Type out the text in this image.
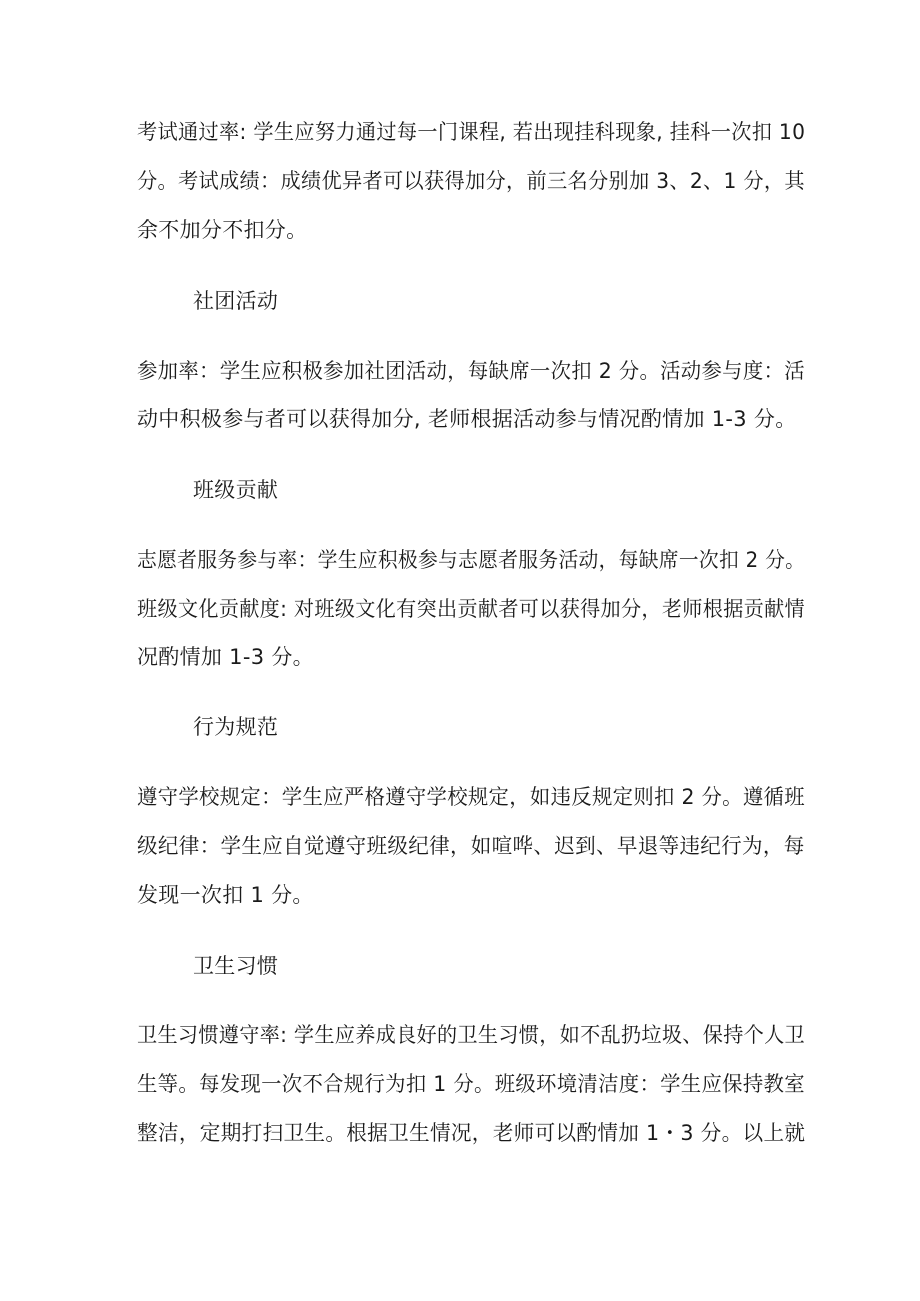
考试通过率: 学生应努力通过每一门课程, 若出现挂科现象, 挂科一次扣 10
分。考试成绩：成绩优异者可以获得加分，前三名分别加 3、2、1 分，其
余不加分不扣分。
社团活动
参加率：学生应积极参加社团活动，每缺席一次扣 2 分。活动参与度：活
动中积极参与者可以获得加分, 老师根据活动参与情况酌情加 1-3 分。
班级贡献
志愿者服务参与率：学生应积极参与志愿者服务活动，每缺席一次扣 2 分。
班级文化贡献度: 对班级文化有突出贡献者可以获得加分，老师根据贡献情
况酌情加 1-3 分。
行为规范
遵守学校规定：学生应严格遵守学校规定，如违反规定则扣 2 分。遵循班
级纪律：学生应自觉遵守班级纪律，如喧哗、迟到、早退等违纪行为，每
发现一次扣 1 分。
卫生习惯
卫生习惯遵守率: 学生应养成良好的卫生习惯，如不乱扔垃圾、保持个人卫
生等。每发现一次不合规行为扣 1 分。班级环境清洁度：学生应保持教室
整洁，定期打扫卫生。根据卫生情况，老师可以酌情加 1・3 分。以上就
